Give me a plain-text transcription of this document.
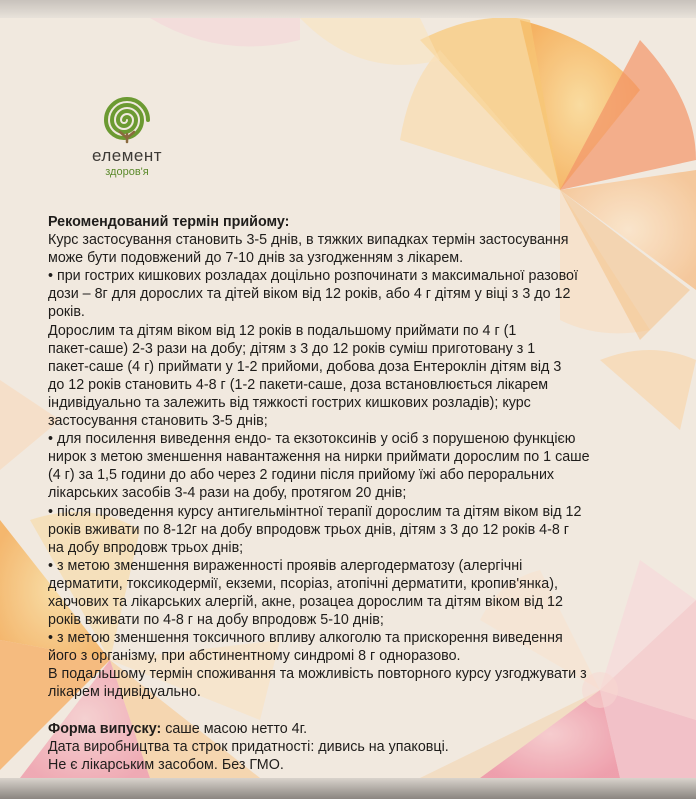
елемент
здоров'я

Рекомендований термін прийому:

Курс застосування становить 3-5 днів, в тяжких випадках термін застосування

може бути подовжений до 7-10 днів за узгодженням з лікарем.

• при гострих кишкових розладах доцільно розпочинати з максимальної разової

дози – 8г для дорослих та дітей віком від 12 років, або 4 г дітям у віці з 3 до 12

років.

Дорослим та дітям віком від 12 років в подальшому приймати по 4 г (1

пакет-саше) 2-3 рази на добу; дітям з 3 до 12 років суміш приготовану з 1

пакет-саше (4 г) приймати у 1-2 прийоми, добова доза Ентероклін дітям від 3

до 12 років становить 4-8 г (1-2 пакети-саше, доза встановлюється лікарем

індивідуально та залежить від тяжкості гострих кишкових розладів); курс

застосування становить 3-5 днів;

• для посилення виведення ендо- та екзотоксинів у осіб з порушеною функцією

нирок з метою зменшення навантаження на нирки приймати дорослим по 1 саше

(4 г) за 1,5 години до або через 2 години після прийому їжі або пероральних

лікарських засобів 3-4 рази на добу, протягом 20 днів;

• після проведення курсу антигельмінтної терапії дорослим та дітям віком від 12

років вживати по 8-12г на добу впродовж трьох днів, дітям з 3 до 12 років 4-8 г

на добу впродовж трьох днів;

• з метою зменшення вираженності проявів алергодерматозу (алергічні

дерматити, токсикодермії, екземи, псоріаз, атопічні дерматити, кропив'янка),

харчових та лікарських алергій, акне, розацеа дорослим та дітям віком від 12

років вживати по 4-8 г на добу впродовж 5-10 днів;

• з метою зменшення токсичного впливу алкоголю та прискорення виведення

його з організму, при абстинентному синдромі 8 г одноразово.

В подальшому термін споживання та можливість повторного курсу узгоджувати з

лікарем індивідуально.

Форма випуску: саше масою нетто 4г.

Дата виробництва та строк придатності: дивись на упаковці.

Не є лікарським засобом. Без ГМО.
